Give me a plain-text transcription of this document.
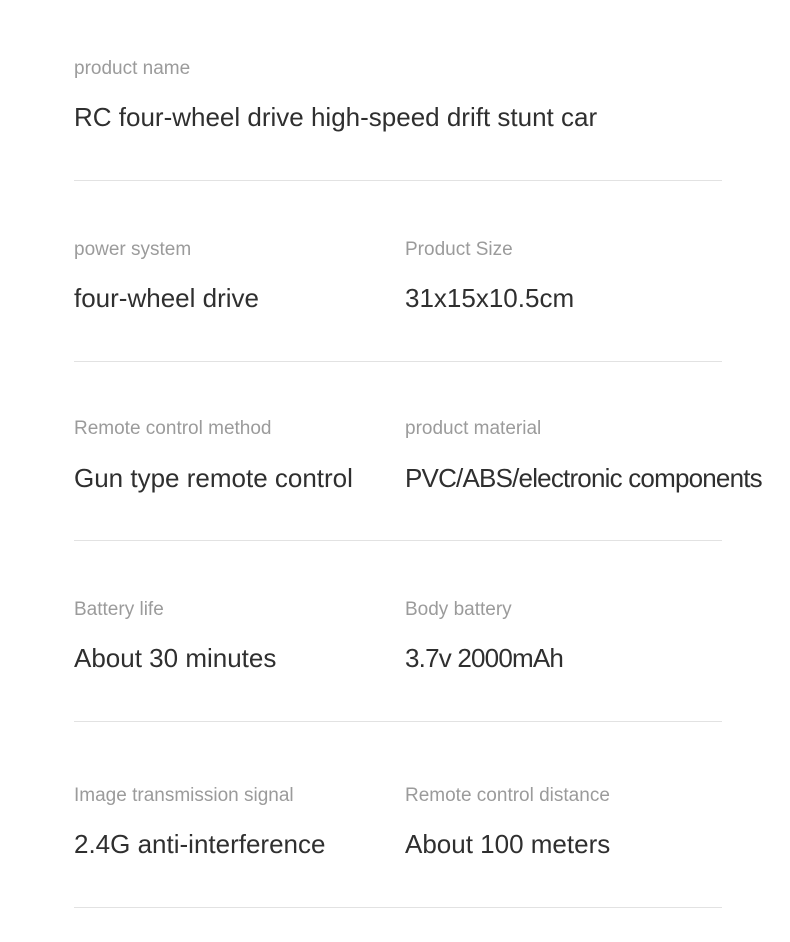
product name
RC four-wheel drive high-speed drift stunt car
power system
four-wheel drive
Product Size
31x15x10.5cm
Remote control method
Gun type remote control
product material
PVC/ABS/electronic components
Battery life
About 30 minutes
Body battery
3.7v 2000mAh
Image transmission signal
2.4G anti-interference
Remote control distance
About 100 meters
